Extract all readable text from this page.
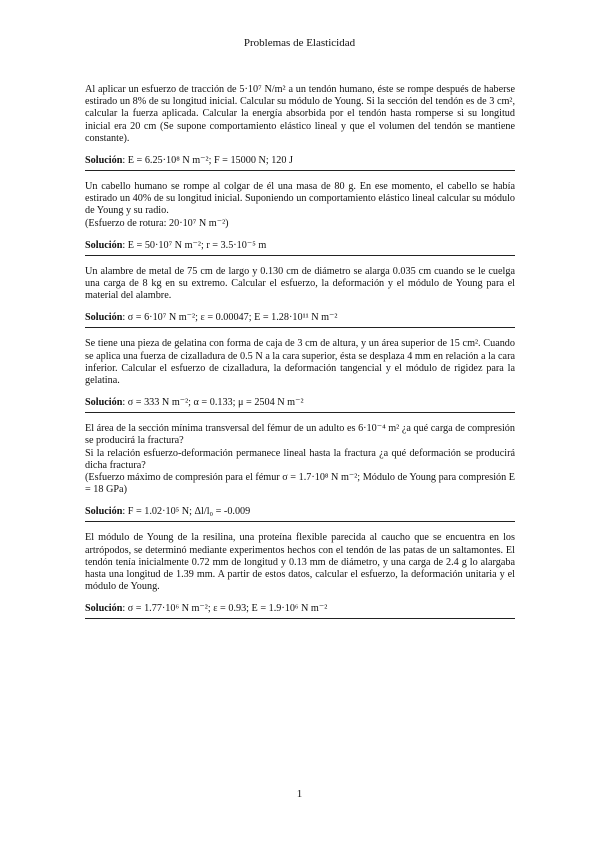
Problemas de Elasticidad

Al aplicar un esfuerzo de tracción de 5·10⁷ N/m² a un tendón humano, éste se rompe después de haberse estirado un 8% de su longitud inicial. Calcular su módulo de Young. Si la sección del tendón es de 3 cm², calcular la fuerza aplicada. Calcular la energía absorbida por el tendón hasta romperse si su longitud inicial era 20 cm (Se supone comportamiento elástico lineal y que el volumen del tendón se mantiene constante).

Solución: E = 6.25·10⁸ N m⁻²; F = 15000 N; 120 J

Un cabello humano se rompe al colgar de él una masa de 80 g. En ese momento, el cabello se había estirado un 40% de su longitud inicial. Suponiendo un comportamiento elástico lineal calcular su módulo de Young y su radio.

(Esfuerzo de rotura: 20·10⁷ N m⁻²)

Solución: E = 50·10⁷ N m⁻²; r = 3.5·10⁻⁵ m

Un alambre de metal de 75 cm de largo y 0.130 cm de diámetro se alarga 0.035 cm cuando se le cuelga una carga de 8 kg en su extremo. Calcular el esfuerzo, la deformación y el módulo de Young para el material del alambre.

Solución: σ = 6·10⁷ N m⁻²; ε = 0.00047; E = 1.28·10¹¹ N m⁻²

Se tiene una pieza de gelatina con forma de caja de 3 cm de altura, y un área superior de 15 cm². Cuando se aplica una fuerza de cizalladura de 0.5 N a la cara superior, ésta se desplaza 4 mm en relación a la cara inferior. Calcular el esfuerzo de cizalladura, la deformación tangencial y el módulo de rigidez para la gelatina.

Solución: σ = 333 N m⁻²; α = 0.133; μ = 2504 N m⁻²

El área de la sección mínima transversal del fémur de un adulto es 6·10⁻⁴ m² ¿a qué carga de compresión se producirá la fractura?

Si la relación esfuerzo-deformación permanece lineal hasta la fractura ¿a qué deformación se producirá dicha fractura?

(Esfuerzo máximo de compresión para el fémur σ = 1.7·10⁸ N m⁻²; Módulo de Young para compresión E = 18 GPa)

Solución: F = 1.02·10⁵ N; Δl/l₀ = -0.009

El módulo de Young de la resilina, una proteína flexible parecida al caucho que se encuentra en los artrópodos, se determinó mediante experimentos hechos con el tendón de las patas de un saltamontes. El tendón tenía inicialmente 0.72 mm de longitud y 0.13 mm de diámetro, y una carga de 2.4 g lo alargaba hasta una longitud de 1.39 mm. A partir de estos datos, calcular el esfuerzo, la deformación unitaria y el módulo de Young.

Solución: σ = 1.77·10⁶ N m⁻²; ε = 0.93; E = 1.9·10⁶ N m⁻²
1
